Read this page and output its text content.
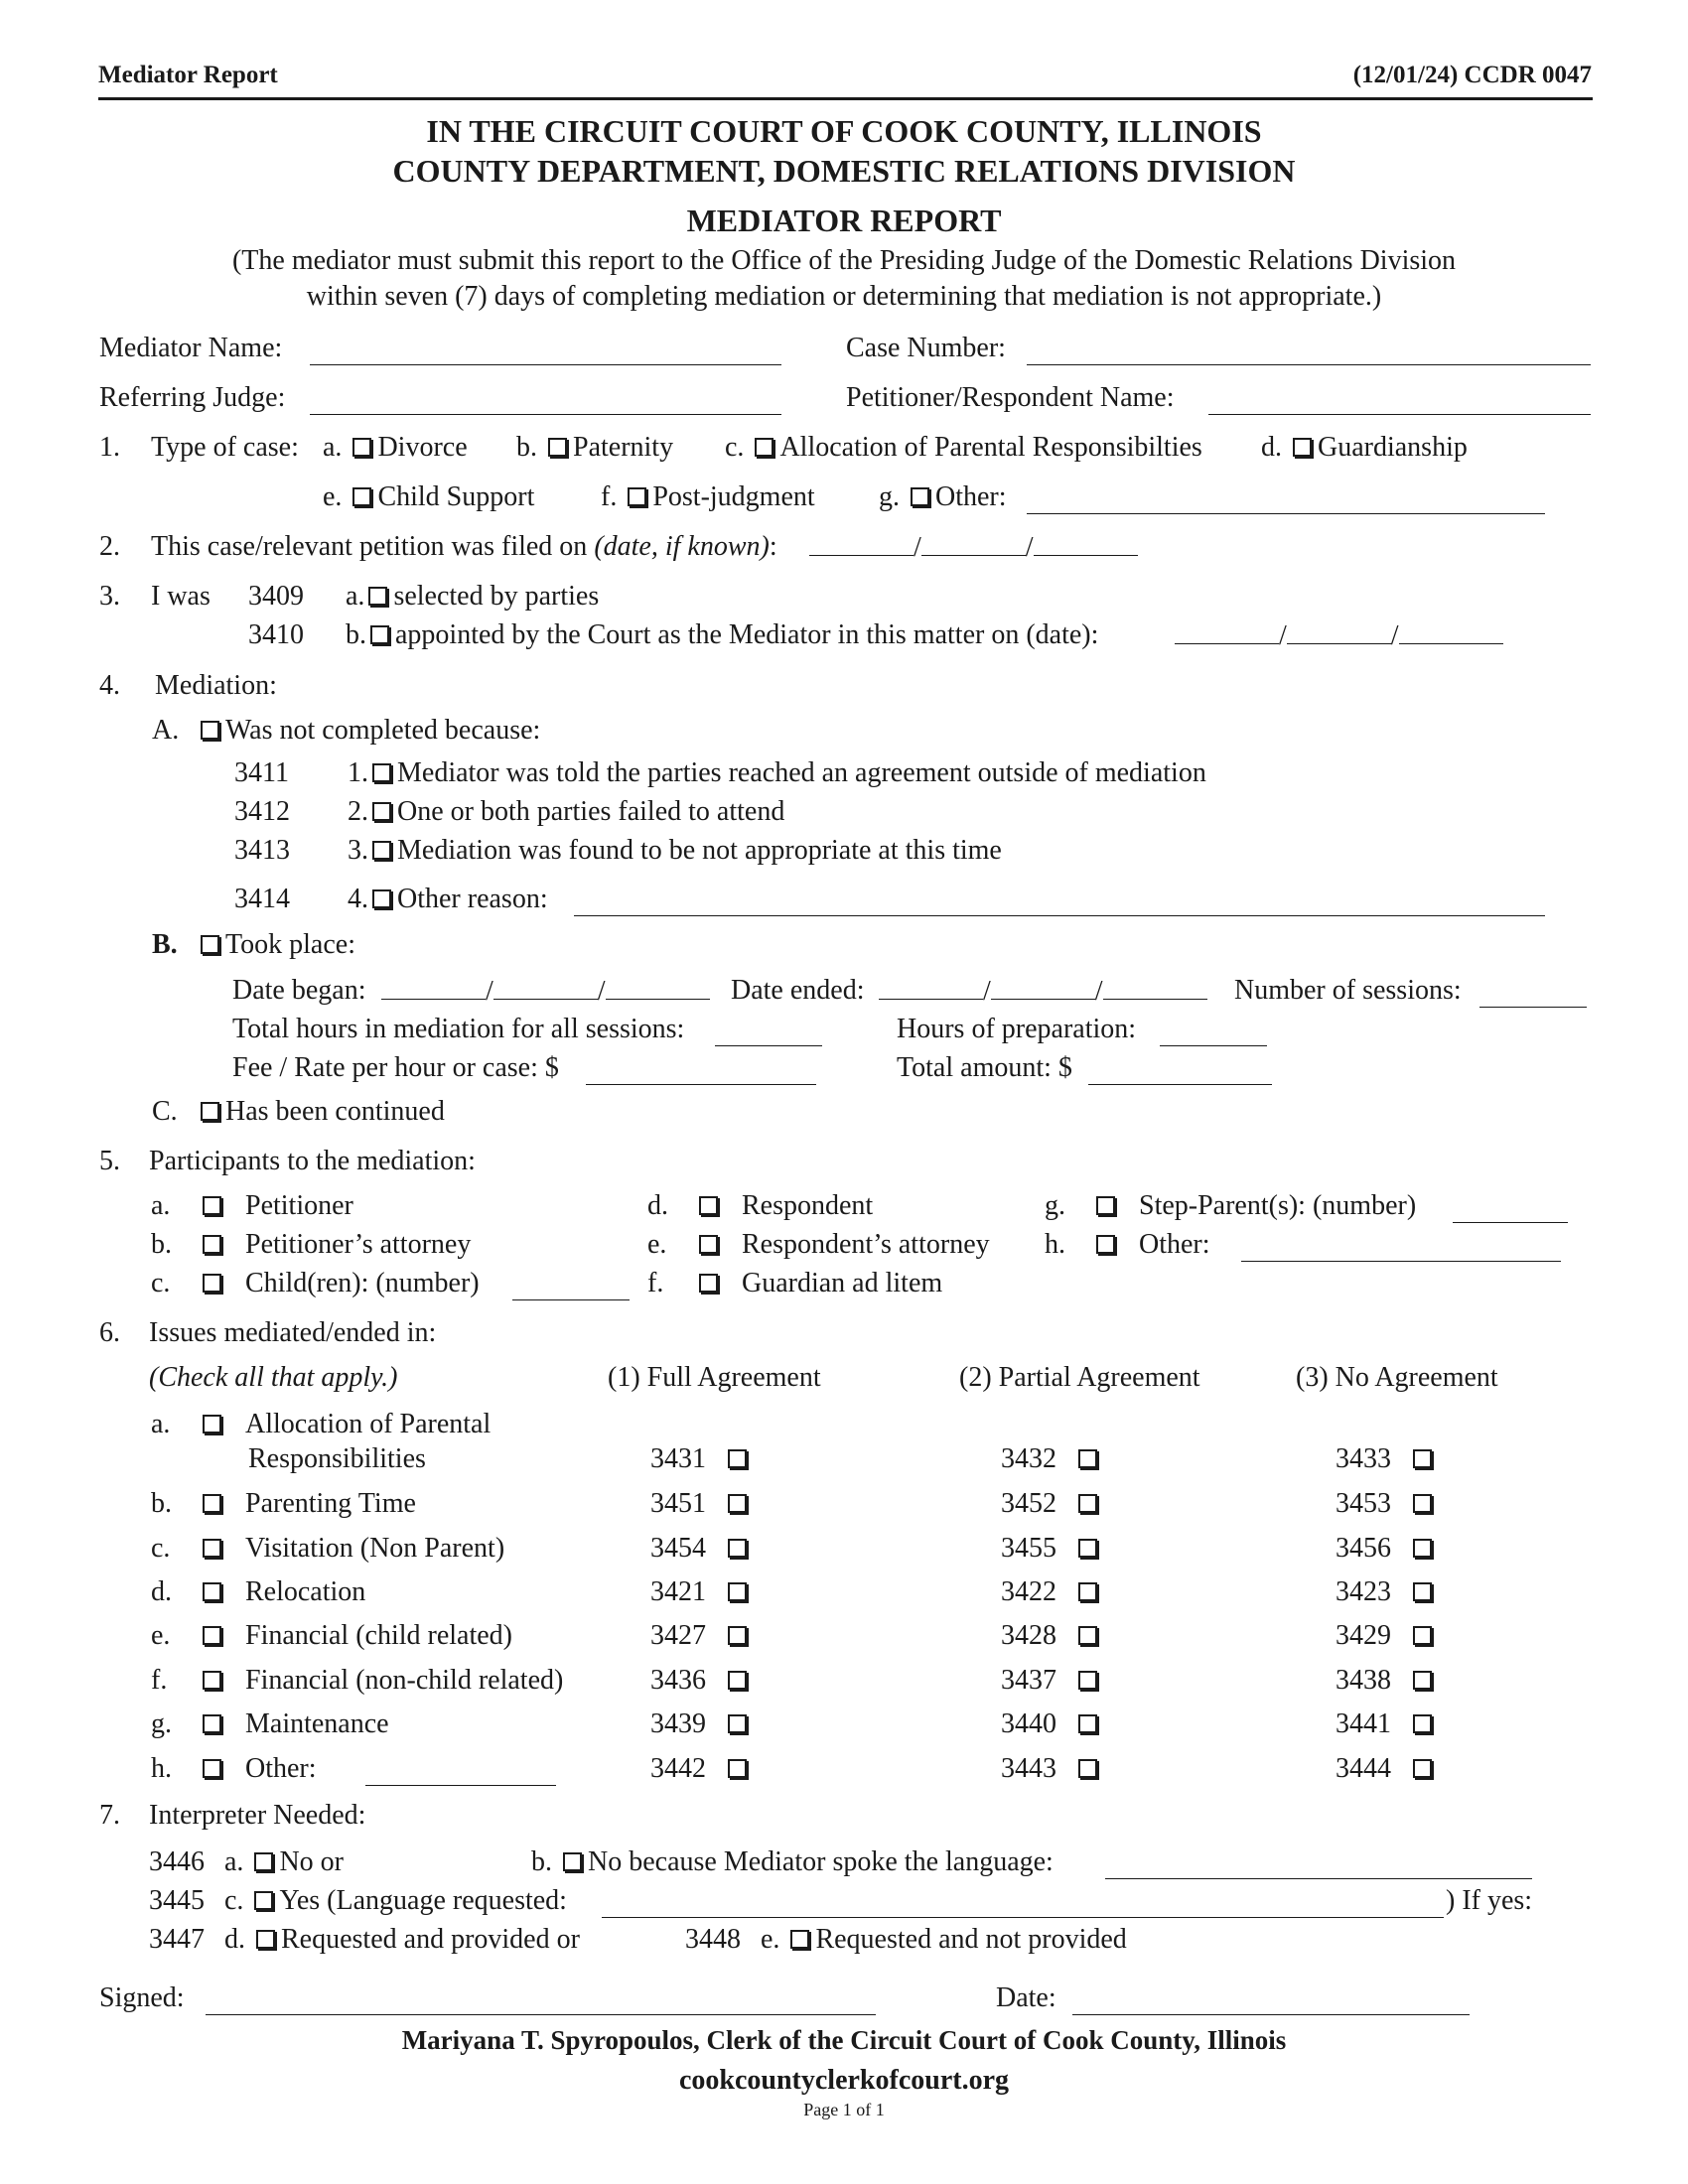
Mediator Report	(12/01/24) CCDR 0047
IN THE CIRCUIT COURT OF COOK COUNTY, ILLINOIS
COUNTY DEPARTMENT, DOMESTIC RELATIONS DIVISION
MEDIATOR REPORT
(The mediator must submit this report to the Office of the Presiding Judge of the Domestic Relations Division
within seven (7) days of completing mediation or determining that mediation is not appropriate.)
Mediator Name:	Case Number:
Referring Judge:	Petitioner/Respondent Name:
1. Type of case: a. Divorce b. Paternity c. Allocation of Parental Responsibilties d. Guardianship
e. Child Support f. Post-judgment g. Other:
2. This case/relevant petition was filed on (date, if known):	/	/
3. I was 3409 a. selected by parties
3410 b. appointed by the Court as the Mediator in this matter on (date):	/	/
4. Mediation:
A.	Was not completed because:
3411 1. Mediator was told the parties reached an agreement outside of mediation
3412 2. One or both parties failed to attend
3413 3. Mediation was found to be not appropriate at this time
3414 4. Other reason:
B.	Took place:
Date began:	/	/	Date ended:	/	/	Number of sessions:
Total hours in mediation for all sessions:	Hours of preparation:
Fee / Rate per hour or case: $	Total amount: $
C.	Has been continued
5. Participants to the mediation:
a.	Petitioner
b.	Petitioner’s attorney
c.	Child(ren): (number)
d.	Respondent
e.	Respondent’s attorney
f.	Guardian ad litem
g.	Step-Parent(s): (number)
h.	Other:
6. Issues mediated/ended in:
(Check all that apply.)	(1) Full Agreement	(2) Partial Agreement	(3) No Agreement
a.	Allocation of Parental
Responsibilities	3431	3432	3433
b.	Parenting Time	3451	3452	3453
c.	Visitation (Non Parent)	3454	3455	3456
d.	Relocation	3421	3422	3423
e.	Financial (child related)	3427	3428	3429
f.	Financial (non-child related)	3436	3437	3438
g.	Maintenance	3439	3440	3441
h.	Other:	3442	3443	3444
7. Interpreter Needed:
3446 a. No or	b. No because Mediator spoke the language:
3445 c. Yes (Language requested:	) If yes:
3447 d. Requested and provided or	3448 e. Requested and not provided
Signed:	Date:
Mariyana T. Spyropoulos, Clerk of the Circuit Court of Cook County, Illinois
cookcountyclerkofcourt.org
Page 1 of 1
